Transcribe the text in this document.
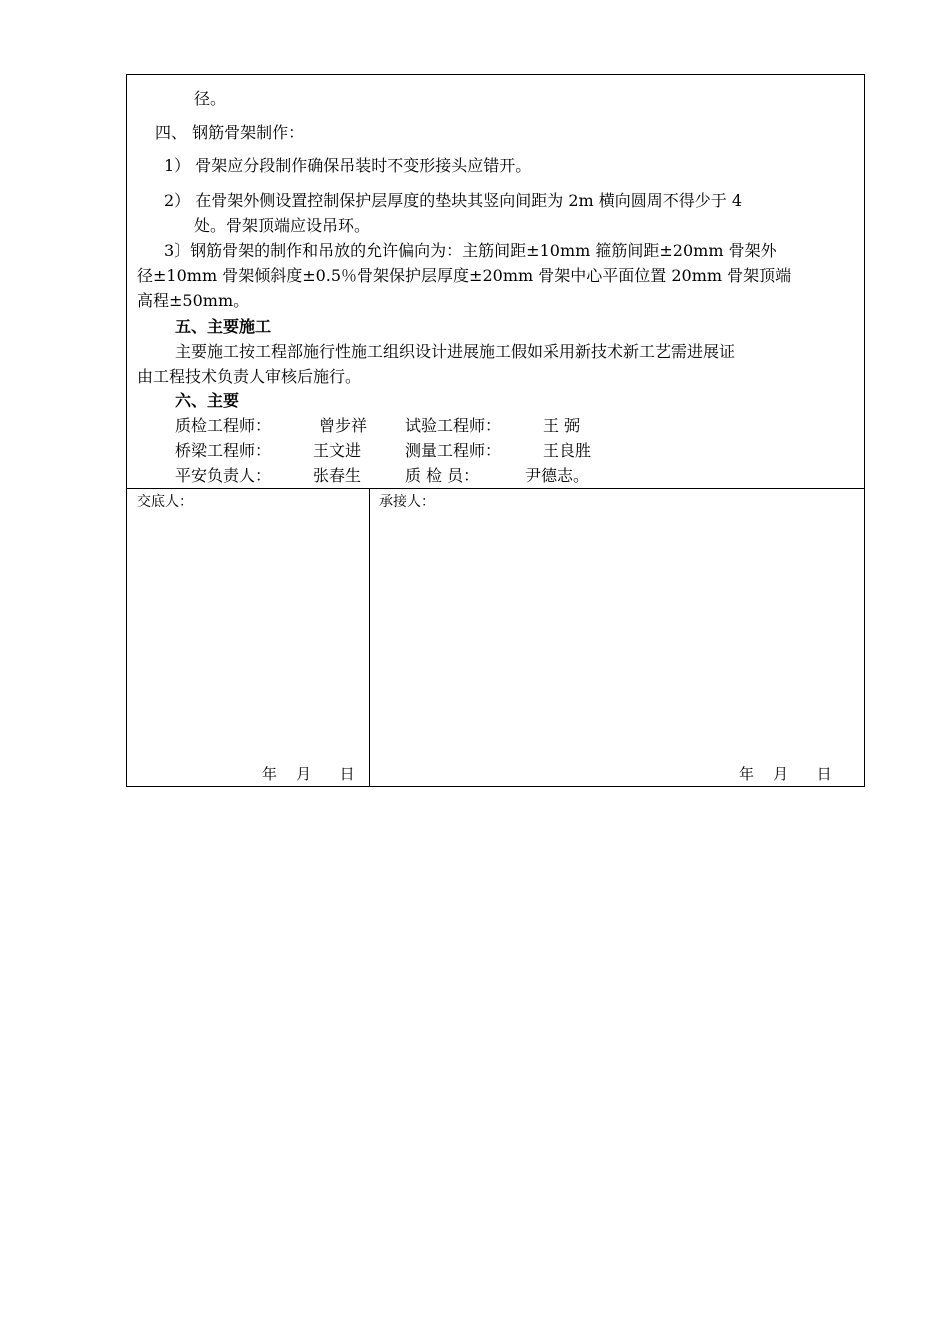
径。
四、 钢筋骨架制作：
1） 骨架应分段制作确保吊装时不变形接头应错开。
2） 在骨架外侧设置控制保护层厚度的垫块其竖向间距为 2m 横向圆周不得少于 4
处。骨架顶端应设吊环。
3〕钢筋骨架的制作和吊放的允许偏向为：主筋间距±10mm 箍筋间距±20mm 骨架外
径±10mm 骨架倾斜度±0.5％骨架保护层厚度±20mm 骨架中心平面位置 20mm 骨架顶端
高程±50mm。
五、主要施工
主要施工按工程部施行性施工组织设计进展施工假如采用新技术新工艺需进展证
由工程技术负责人审核后施行。
六、主要
质检工程师：	曾步祥 试验工程师：	王 弼
桥梁工程师：	王文进	测量工程师：	王良胜
平安负责人：	张春生	质 检 员：	尹德志。
交底人：	承接人：
年    月      日	年    月      日
